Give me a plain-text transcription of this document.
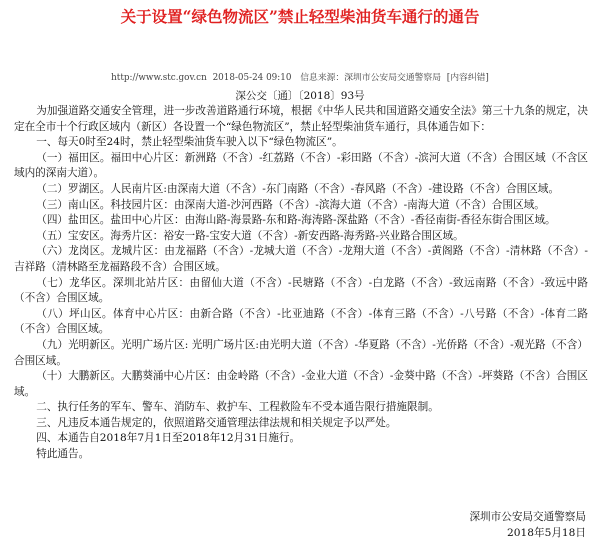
关于设置“绿色物流区”禁止轻型柴油货车通行的通告
http://www.stc.gov.cn 2018-05-24 09:10 信息来源：深圳市公安局交通警察局 [内容纠错]
深公交〔通〕〔2018〕93号

为加强道路交通安全管理，进一步改善道路通行环境，根据《中华人民共和国道路交通安全法》第三十九条的规定，决定在全市十个行政区域内（新区）各设置一个“绿色物流区”，禁止轻型柴油货车通行，具体通告如下：

一、每天0时至24时，禁止轻型柴油货车驶入以下“绿色物流区”。

（一）福田区。福田中心片区：新洲路（不含）-红荔路（不含）-彩田路（不含）-滨河大道（不含）合围区域（不含区域内的深南大道）。

（二）罗湖区。人民南片区:由深南大道（不含）-东门南路（不含）-春风路（不含）-建设路（不含）合围区域。

（三）南山区。科技园片区：由深南大道-沙河西路（不含）-滨海大道（不含）-南海大道（不含）合围区域。

（四）盐田区。盐田中心片区：由海山路-海景路-东和路-海涛路-深盐路（不含）-香径南街-香径东街合围区域。

（五）宝安区。海秀片区：裕安一路-宝安大道（不含）-新安西路-海秀路-兴业路合围区域。

（六）龙岗区。龙城片区：由龙福路（不含）-龙城大道（不含）-龙翔大道（不含）-黄阁路（不含）-清林路（不含）-吉祥路（清林路至龙福路段不含）合围区域。

（七）龙华区。深圳北站片区：由留仙大道（不含）-民塘路（不含）-白龙路（不含）-致远南路（不含）-致远中路（不含）合围区域。

（八）坪山区。体育中心片区：由新合路（不含）-比亚迪路（不含）-体育三路（不含）-八号路（不含）-体育二路（不含）合围区域。

（九）光明新区。光明广场片区: 光明广场片区:由光明大道（不含）-华夏路（不含）-光侨路（不含）-观光路（不含）合围区域。

（十）大鹏新区。大鹏葵涌中心片区：由金岭路（不含）-金业大道（不含）-金葵中路（不含）-坪葵路（不含）合围区域。

二、执行任务的军车、警车、消防车、救护车、工程救险车不受本通告限行措施限制。

三、凡违反本通告规定的，依照道路交通管理法律法规和相关规定予以严处。

四、本通告自2018年7月1日至2018年12月31日施行。

特此通告。

深圳市公安局交通警察局
2018年5月18日
